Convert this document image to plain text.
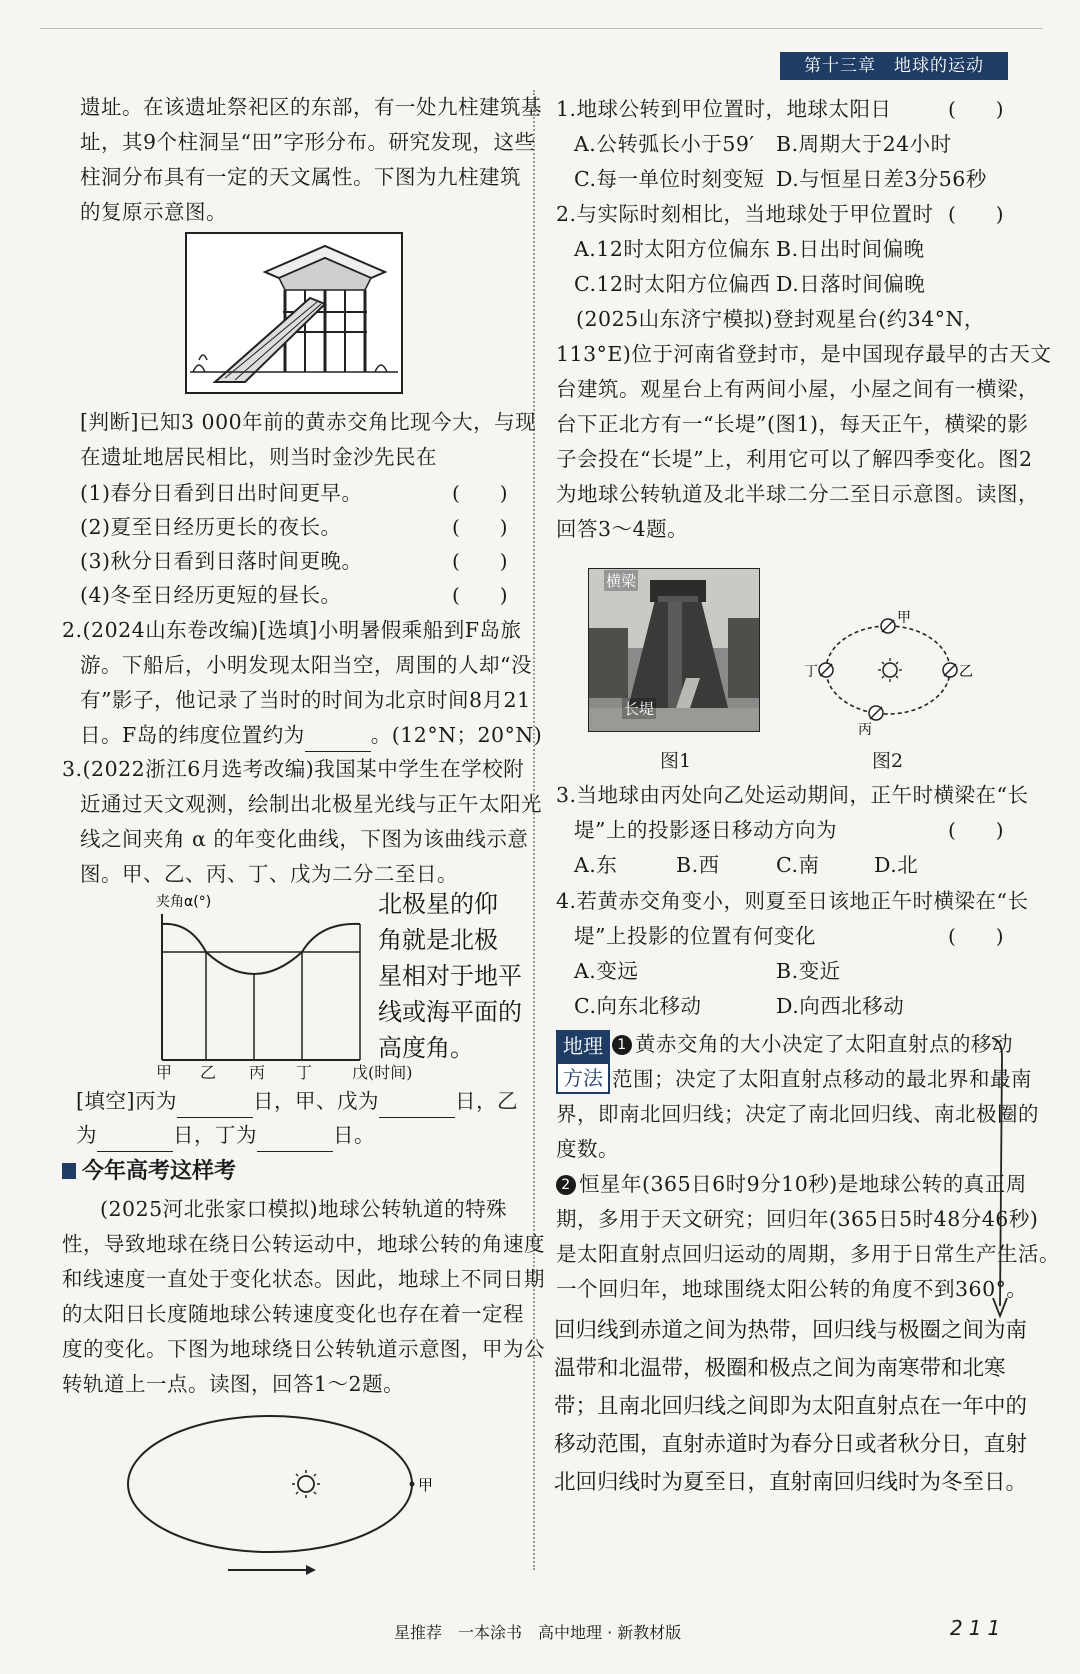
第十三章　地球的运动
遗址。在该遗址祭祀区的东部，有一处九柱建筑基
址，其9个柱洞呈“田”字形分布。研究发现，这些
柱洞分布具有一定的天文属性。下图为九柱建筑
的复原示意图。
[判断]已知3 000年前的黄赤交角比现今大，与现
在遗址地居民相比，则当时金沙先民在
(1)春分日看到日出时间更早。	(　　)
(2)夏至日经历更长的夜长。	(　　)
(3)秋分日看到日落时间更晚。	(　　)
(4)冬至日经历更短的昼长。	(　　)
2.(2024山东卷改编)[选填]小明暑假乘船到F岛旅
游。下船后，小明发现太阳当空，周围的人却“没
有”影子，他记录了当时的时间为北京时间8月21
日。F岛的纬度位置约为	。(12°N；20°N)
3.(2022浙江6月选考改编)我国某中学生在学校附
近通过天文观测，绘制出北极星光线与正午太阳光
线之间夹角 α 的年变化曲线，下图为该曲线示意
图。甲、乙、丙、丁、戊为二分二至日。
夹角α(°)
甲 乙 丙 丁 戊(时间)
北极星的仰
角就是北极
星相对于地平
线或海平面的
高度角。
[填空]丙为	日，甲、戊为	日，乙
为	日，丁为	日。
今年高考这样考
(2025河北张家口模拟)地球公转轨道的特殊
性，导致地球在绕日公转运动中，地球公转的角速度
和线速度一直处于变化状态。因此，地球上不同日期
的太阳日长度随地球公转速度变化也存在着一定程
度的变化。下图为地球绕日公转轨道示意图，甲为公
转轨道上一点。读图，回答1～2题。
甲
1.地球公转到甲位置时，地球太阳日	(　　)
A.公转弧长小于59′ B.周期大于24小时
C.每一单位时刻变短 D.与恒星日差3分56秒
2.与实际时刻相比，当地球处于甲位置时 (　　)
A.12时太阳方位偏东 B.日出时间偏晚
C.12时太阳方位偏西 D.日落时间偏晚
(2025山东济宁模拟)登封观星台(约34°N，
113°E)位于河南省登封市，是中国现存最早的古天文
台建筑。观星台上有两间小屋，小屋之间有一横梁，
台下正北方有一“长堤”(图1)，每天正午，横梁的影
子会投在“长堤”上，利用它可以了解四季变化。图2
为地球公转轨道及北半球二分二至日示意图。读图，
回答3～4题。
横梁
长堤
图1
甲
乙
丙
丁
图2
3.当地球由丙处向乙处运动期间，正午时横梁在“长
堤”上的投影逐日移动方向为	(　　)
A.东	B.西	C.南	D.北
4.若黄赤交角变小，则夏至日该地正午时横梁在“长
堤”上投影的位置有何变化	(　　)
A.变远	B.变近
C.向东北移动	D.向西北移动
地理
方法
1 黄赤交角的大小决定了太阳直射点的移动
范围；决定了太阳直射点移动的最北界和最南
界，即南北回归线；决定了南北回归线、南北极圈的
度数。
2 恒星年(365日6时9分10秒)是地球公转的真正周
期，多用于天文研究；回归年(365日5时48分46秒)
是太阳直射点回归运动的周期，多用于日常生产生活。
一个回归年，地球围绕太阳公转的角度不到360°。
回归线到赤道之间为热带，回归线与极圈之间为南
温带和北温带，极圈和极点之间为南寒带和北寒
带；且南北回归线之间即为太阳直射点在一年中的
移动范围，直射赤道时为春分日或者秋分日，直射
北回归线时为夏至日，直射南回归线时为冬至日。
星推荐　一本涂书　高中地理 · 新教材版	211
